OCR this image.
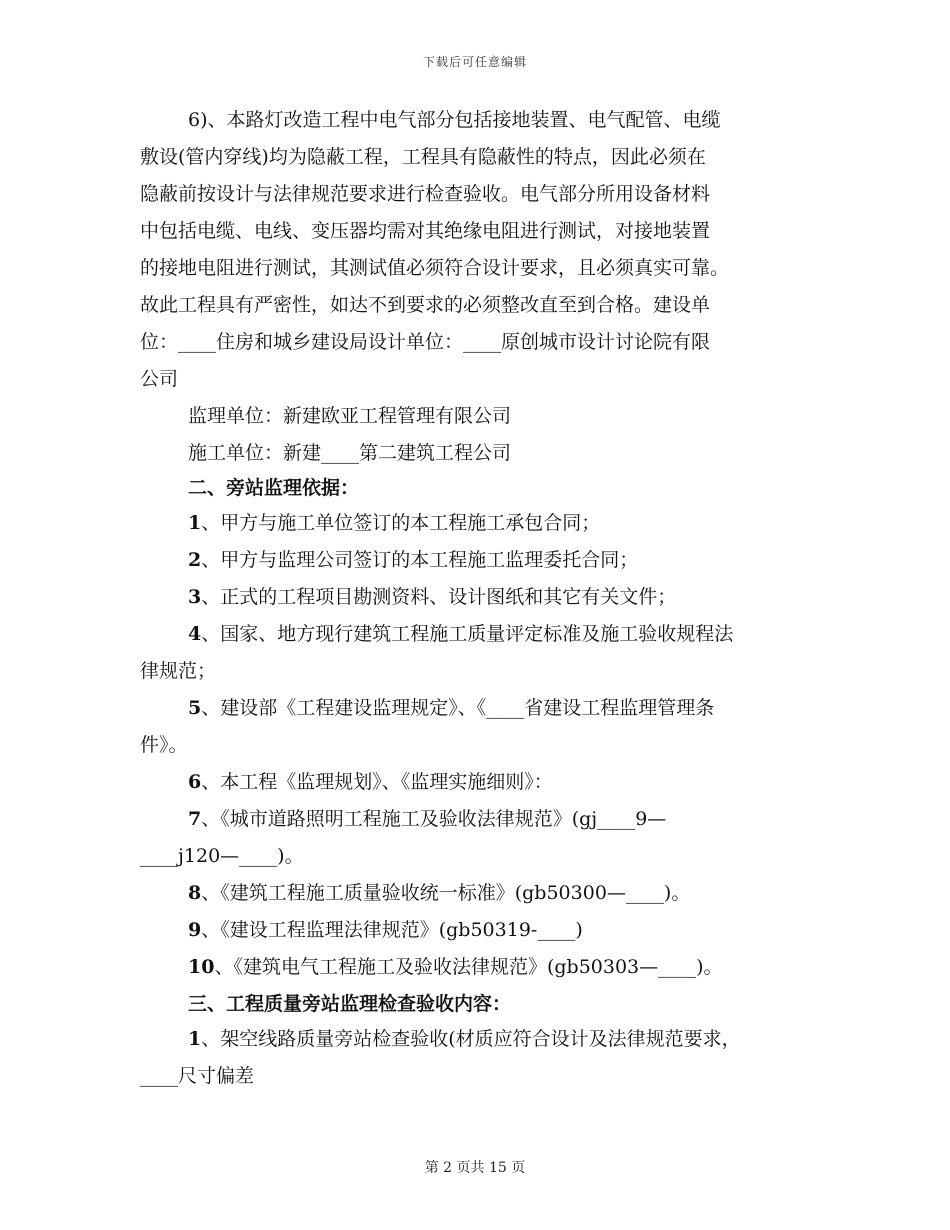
下载后可任意编辑
6)、本路灯改造工程中电气部分包括接地装置、电气配管、电缆
敷设(管内穿线)均为隐蔽工程，工程具有隐蔽性的特点，因此必须在
隐蔽前按设计与法律规范要求进行检查验收。电气部分所用设备材料
中包括电缆、电线、变压器均需对其绝缘电阻进行测试，对接地装置
的接地电阻进行测试，其测试值必须符合设计要求，且必须真实可靠。
故此工程具有严密性，如达不到要求的必须整改直至到合格。建设单
位：____住房和城乡建设局设计单位：____原创城市设计讨论院有限
公司
监理单位：新建欧亚工程管理有限公司
施工单位：新建____第二建筑工程公司
二、旁站监理依据：
1、甲方与施工单位签订的本工程施工承包合同；
2、甲方与监理公司签订的本工程施工监理委托合同；
3、正式的工程项目勘测资料、设计图纸和其它有关文件；
4、国家、地方现行建筑工程施工质量评定标准及施工验收规程法
律规范；
5、建设部《工程建设监理规定》、《____省建设工程监理管理条
件》。
6、本工程《监理规划》、《监理实施细则》：
7、《城市道路照明工程施工及验收法律规范》(gj____9—
____j120—____)。
8、《建筑工程施工质量验收统一标准》(gb50300—____)。
9、《建设工程监理法律规范》(gb50319-____)
10、《建筑电气工程施工及验收法律规范》(gb50303—____)。
三、工程质量旁站监理检查验收内容：
1、架空线路质量旁站检查验收(材质应符合设计及法律规范要求，
____尺寸偏差
第 2 页共 15 页
